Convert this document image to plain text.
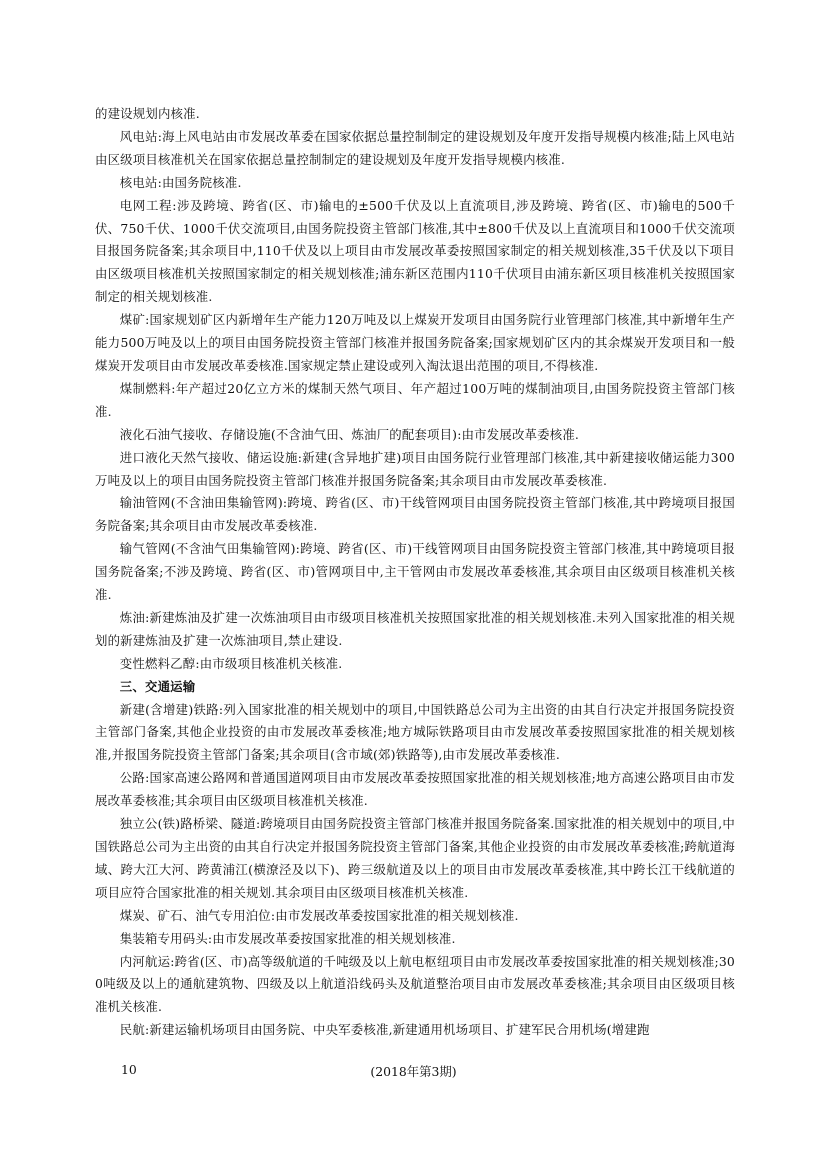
的建设规划内核准.

风电站:海上风电站由市发展改革委在国家依据总量控制制定的建设规划及年度开发指导规模内核准;陆上风电站由区级项目核准机关在国家依据总量控制制定的建设规划及年度开发指导规模内核准.

核电站:由国务院核准.

电网工程:涉及跨境、跨省(区、市)输电的±500千伏及以上直流项目,涉及跨境、跨省(区、市)输电的500千伏、750千伏、1000千伏交流项目,由国务院投资主管部门核准,其中±800千伏及以上直流项目和1000千伏交流项目报国务院备案;其余项目中,110千伏及以上项目由市发展改革委按照国家制定的相关规划核准,35千伏及以下项目由区级项目核准机关按照国家制定的相关规划核准;浦东新区范围内110千伏项目由浦东新区项目核准机关按照国家制定的相关规划核准.

煤矿:国家规划矿区内新增年生产能力120万吨及以上煤炭开发项目由国务院行业管理部门核准,其中新增年生产能力500万吨及以上的项目由国务院投资主管部门核准并报国务院备案;国家规划矿区内的其余煤炭开发项目和一般煤炭开发项目由市发展改革委核准.国家规定禁止建设或列入淘汰退出范围的项目,不得核准.

煤制燃料:年产超过20亿立方米的煤制天然气项目、年产超过100万吨的煤制油项目,由国务院投资主管部门核准.

液化石油气接收、存储设施(不含油气田、炼油厂的配套项目):由市发展改革委核准.

进口液化天然气接收、储运设施:新建(含异地扩建)项目由国务院行业管理部门核准,其中新建接收储运能力300万吨及以上的项目由国务院投资主管部门核准并报国务院备案;其余项目由市发展改革委核准.

输油管网(不含油田集输管网):跨境、跨省(区、市)干线管网项目由国务院投资主管部门核准,其中跨境项目报国务院备案;其余项目由市发展改革委核准.

输气管网(不含油气田集输管网):跨境、跨省(区、市)干线管网项目由国务院投资主管部门核准,其中跨境项目报国务院备案;不涉及跨境、跨省(区、市)管网项目中,主干管网由市发展改革委核准,其余项目由区级项目核准机关核准.

炼油:新建炼油及扩建一次炼油项目由市级项目核准机关按照国家批准的相关规划核准.未列入国家批准的相关规划的新建炼油及扩建一次炼油项目,禁止建设.

变性燃料乙醇:由市级项目核准机关核准.

三、交通运输

新建(含增建)铁路:列入国家批准的相关规划中的项目,中国铁路总公司为主出资的由其自行决定并报国务院投资主管部门备案,其他企业投资的由市发展改革委核准;地方城际铁路项目由市发展改革委按照国家批准的相关规划核准,并报国务院投资主管部门备案;其余项目(含市域(郊)铁路等),由市发展改革委核准.

公路:国家高速公路网和普通国道网项目由市发展改革委按照国家批准的相关规划核准;地方高速公路项目由市发展改革委核准;其余项目由区级项目核准机关核准.

独立公(铁)路桥梁、隧道:跨境项目由国务院投资主管部门核准并报国务院备案.国家批准的相关规划中的项目,中国铁路总公司为主出资的由其自行决定并报国务院投资主管部门备案,其他企业投资的由市发展改革委核准;跨航道海域、跨大江大河、跨黄浦江(横潦泾及以下)、跨三级航道及以上的项目由市发展改革委核准,其中跨长江干线航道的项目应符合国家批准的相关规划.其余项目由区级项目核准机关核准.

煤炭、矿石、油气专用泊位:由市发展改革委按国家批准的相关规划核准.

集装箱专用码头:由市发展改革委按国家批准的相关规划核准.

内河航运:跨省(区、市)高等级航道的千吨级及以上航电枢纽项目由市发展改革委按国家批准的相关规划核准;300吨级及以上的通航建筑物、四级及以上航道沿线码头及航道整治项目由市发展改革委核准;其余项目由区级项目核准机关核准.

民航:新建运输机场项目由国务院、中央军委核准,新建通用机场项目、扩建军民合用机场(增建跑

10	(2018年第3期)
